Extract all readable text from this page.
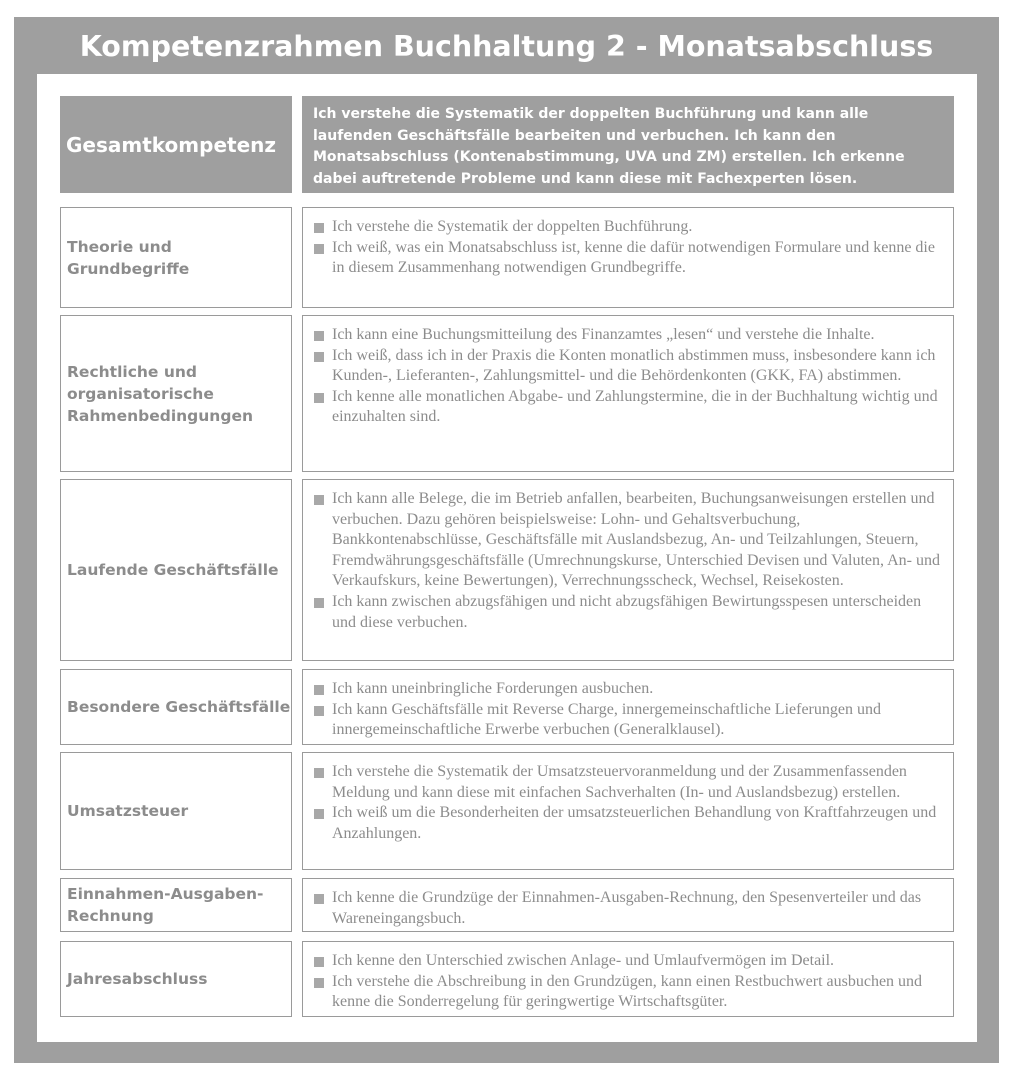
Kompetenzrahmen Buchhaltung 2 - Monatsabschluss
Gesamtkompetenz
Ich verstehe die Systematik der doppelten Buchführung und kann alle laufenden Geschäftsfälle bearbeiten und verbuchen. Ich kann den Monatsabschluss (Kontenabstimmung, UVA und ZM) erstellen. Ich erkenne dabei auftretende Probleme und kann diese mit Fachexperten lösen.
Theorie und Grundbegriffe
Ich verstehe die Systematik der doppelten Buchführung.
Ich weiß, was ein Monatsabschluss ist, kenne die dafür notwendigen Formulare und kenne die in diesem Zusammenhang notwendigen Grundbegriffe.
Rechtliche und organisatorische Rahmenbedingungen
Ich kann eine Buchungsmitteilung des Finanzamtes „lesen“ und verstehe die Inhalte.
Ich weiß, dass ich in der Praxis die Konten monatlich abstimmen muss, insbesondere kann ich Kunden-, Lieferanten-, Zahlungsmittel- und die Behördenkonten (GKK, FA) abstimmen.
Ich kenne alle monatlichen Abgabe- und Zahlungstermine, die in der Buchhaltung wichtig und einzuhalten sind.
Laufende Geschäftsfälle
Ich kann alle Belege, die im Betrieb anfallen, bearbeiten, Buchungsanweisungen erstellen und verbuchen. Dazu gehören beispielsweise: Lohn- und Gehaltsverbuchung, Bankkontenabschlüsse, Geschäftsfälle mit Auslandsbezug, An- und Teilzahlungen, Steuern, Fremdwährungsgeschäftsfälle (Umrechnungskurse, Unterschied Devisen und Valuten, An- und Verkaufskurs, keine Bewertungen), Verrechnungsscheck, Wechsel, Reisekosten.
Ich kann zwischen abzugsfähigen und nicht abzugsfähigen Bewirtungsspesen unterscheiden und diese verbuchen.
Besondere Geschäftsfälle
Ich kann uneinbringliche Forderungen ausbuchen.
Ich kann Geschäftsfälle mit Reverse Charge, innergemeinschaftliche Lieferungen und innergemeinschaftliche Erwerbe verbuchen (Generalklausel).
Umsatzsteuer
Ich verstehe die Systematik der Umsatzsteuervoranmeldung und der Zusammenfassenden Meldung und kann diese mit einfachen Sachverhalten (In- und Auslandsbezug) erstellen.
Ich weiß um die Besonderheiten der umsatzsteuerlichen Behandlung von Kraftfahrzeugen und Anzahlungen.
Einnahmen-Ausgaben-Rechnung
Ich kenne die Grundzüge der Einnahmen-Ausgaben-Rechnung, den Spesenverteiler und das Wareneingangsbuch.
Jahresabschluss
Ich kenne den Unterschied zwischen Anlage- und Umlaufvermögen im Detail.
Ich verstehe die Abschreibung in den Grundzügen, kann einen Restbuchwert ausbuchen und kenne die Sonderregelung für geringwertige Wirtschaftsgüter.
